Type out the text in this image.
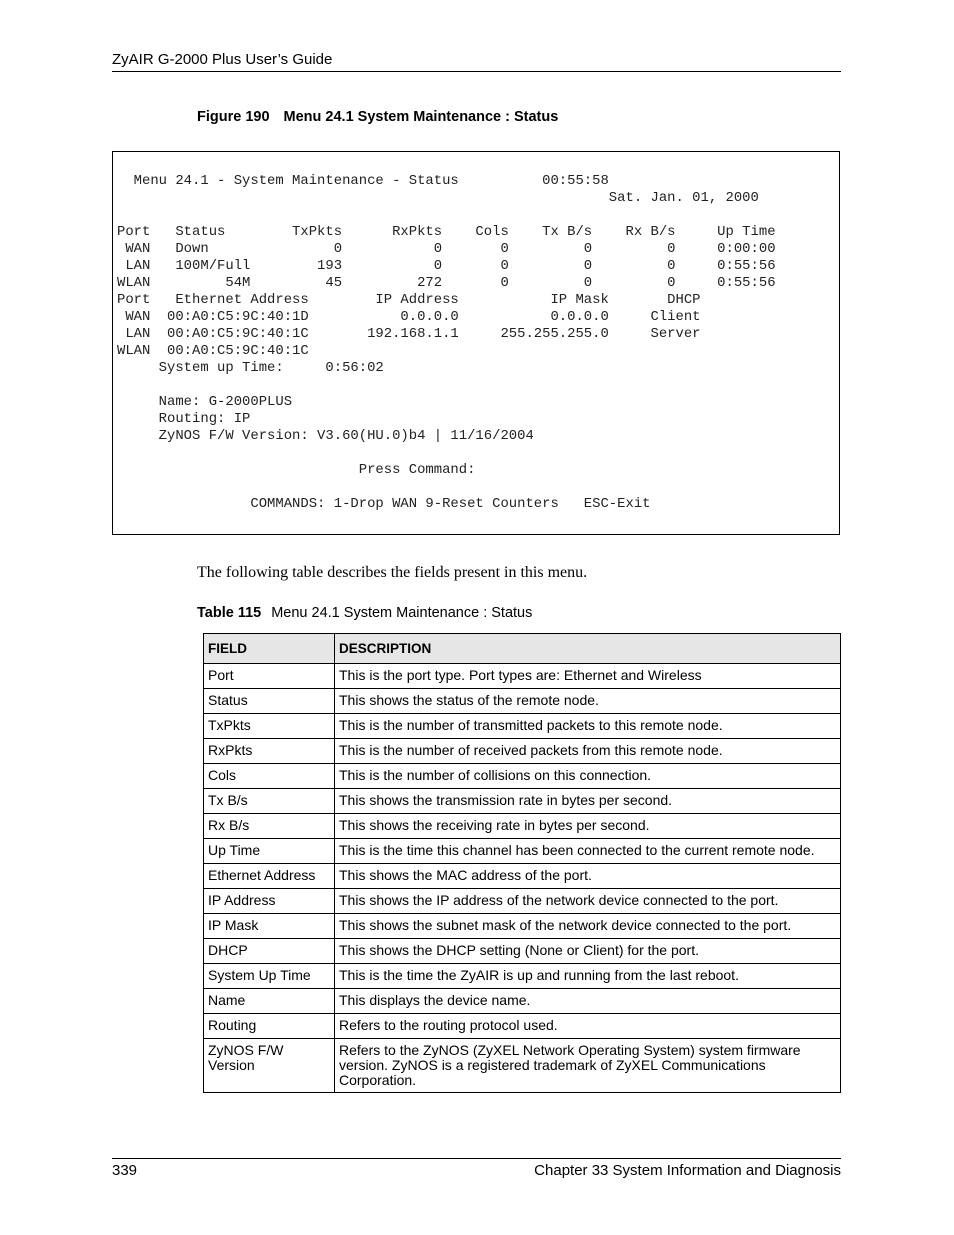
ZyAIR G-2000 Plus User’s Guide
Figure 190 Menu 24.1 System Maintenance : Status
Menu 24.1 - System Maintenance - Status          00:55:58
Sat. Jan. 01, 2000

Port   Status        TxPkts      RxPkts    Cols    Tx B/s    Rx B/s     Up Time
WAN   Down               0           0       0         0         0     0:00:00
LAN   100M/Full        193           0       0         0         0     0:55:56
WLAN         54M         45         272       0         0         0     0:55:56
Port   Ethernet Address        IP Address           IP Mask       DHCP
WAN  00:A0:C5:9C:40:1D           0.0.0.0           0.0.0.0     Client
LAN  00:A0:C5:9C:40:1C       192.168.1.1     255.255.255.0     Server
WLAN  00:A0:C5:9C:40:1C
System up Time:     0:56:02

Name: G-2000PLUS
Routing: IP
ZyNOS F/W Version: V3.60(HU.0)b4 | 11/16/2004

Press Command:

COMMANDS: 1-Drop WAN 9-Reset Counters   ESC-Exit

The following table describes the fields present in this menu.
Table 115 Menu 24.1 System Maintenance : Status
FIELD	DESCRIPTION
Port	This is the port type. Port types are: Ethernet and Wireless
Status	This shows the status of the remote node.
TxPkts	This is the number of transmitted packets to this remote node.
RxPkts	This is the number of received packets from this remote node.
Cols	This is the number of collisions on this connection.
Tx B/s	This shows the transmission rate in bytes per second.
Rx B/s	This shows the receiving rate in bytes per second.
Up Time	This is the time this channel has been connected to the current remote node.
Ethernet Address	This shows the MAC address of the port.
IP Address	This shows the IP address of the network device connected to the port.
IP Mask	This shows the subnet mask of the network device connected to the port.
DHCP	This shows the DHCP setting (None or Client) for the port.
System Up Time	This is the time the ZyAIR is up and running from the last reboot.
Name	This displays the device name.
Routing	Refers to the routing protocol used.
ZyNOS F/W Version	Refers to the ZyNOS (ZyXEL Network Operating System) system firmware version. ZyNOS is a registered trademark of ZyXEL Communications Corporation.
339	Chapter 33 System Information and Diagnosis
